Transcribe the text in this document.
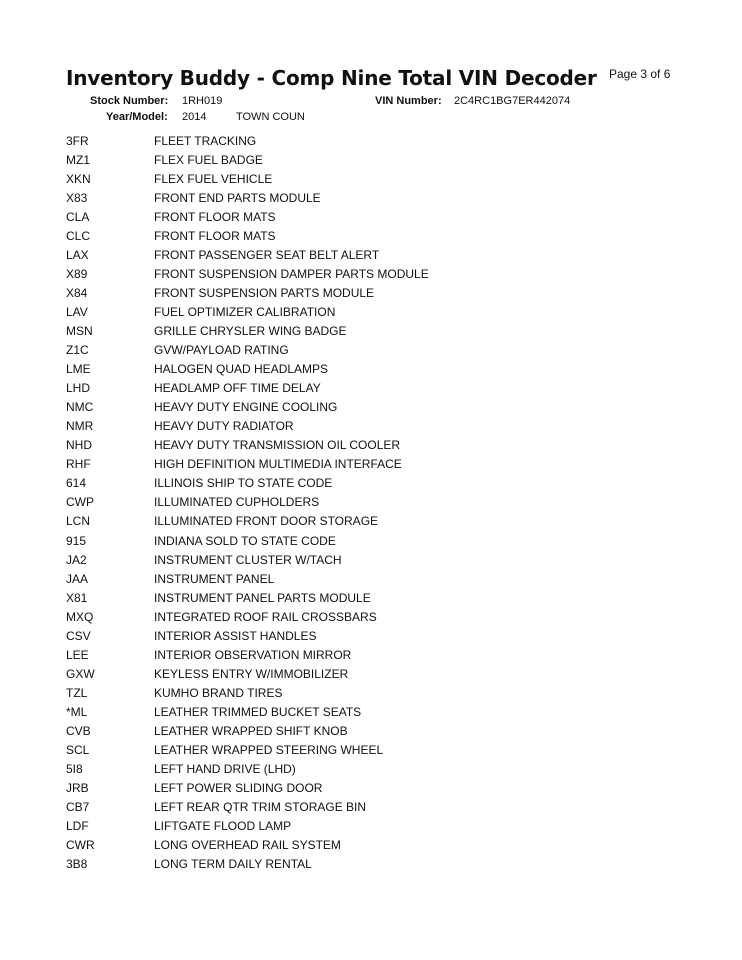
Inventory Buddy - Comp Nine Total VIN Decoder Page 3 of 6
Stock Number: 1RH019	VIN Number: 2C4RC1BG7ER442074
Year/Model: 2014	TOWN COUN
3FR	FLEET TRACKING
MZ1	FLEX FUEL BADGE
XKN	FLEX FUEL VEHICLE
X83	FRONT END PARTS MODULE
CLA	FRONT FLOOR MATS
CLC	FRONT FLOOR MATS
LAX	FRONT PASSENGER SEAT BELT ALERT
X89	FRONT SUSPENSION DAMPER PARTS MODULE
X84	FRONT SUSPENSION PARTS MODULE
LAV	FUEL OPTIMIZER CALIBRATION
MSN	GRILLE CHRYSLER WING BADGE
Z1C	GVW/PAYLOAD RATING
LME	HALOGEN QUAD HEADLAMPS
LHD	HEADLAMP OFF TIME DELAY
NMC	HEAVY DUTY ENGINE COOLING
NMR	HEAVY DUTY RADIATOR
NHD	HEAVY DUTY TRANSMISSION OIL COOLER
RHF	HIGH DEFINITION MULTIMEDIA INTERFACE
614	ILLINOIS SHIP TO STATE CODE
CWP	ILLUMINATED CUPHOLDERS
LCN	ILLUMINATED FRONT DOOR STORAGE
915	INDIANA SOLD TO STATE CODE
JA2	INSTRUMENT CLUSTER W/TACH
JAA	INSTRUMENT PANEL
X81	INSTRUMENT PANEL PARTS MODULE
MXQ	INTEGRATED ROOF RAIL CROSSBARS
CSV	INTERIOR ASSIST HANDLES
LEE	INTERIOR OBSERVATION MIRROR
GXW	KEYLESS ENTRY W/IMMOBILIZER
TZL	KUMHO BRAND TIRES
*ML	LEATHER TRIMMED BUCKET SEATS
CVB	LEATHER WRAPPED SHIFT KNOB
SCL	LEATHER WRAPPED STEERING WHEEL
5I8	LEFT HAND DRIVE (LHD)
JRB	LEFT POWER SLIDING DOOR
CB7	LEFT REAR QTR TRIM STORAGE BIN
LDF	LIFTGATE FLOOD LAMP
CWR	LONG OVERHEAD RAIL SYSTEM
3B8	LONG TERM DAILY RENTAL
